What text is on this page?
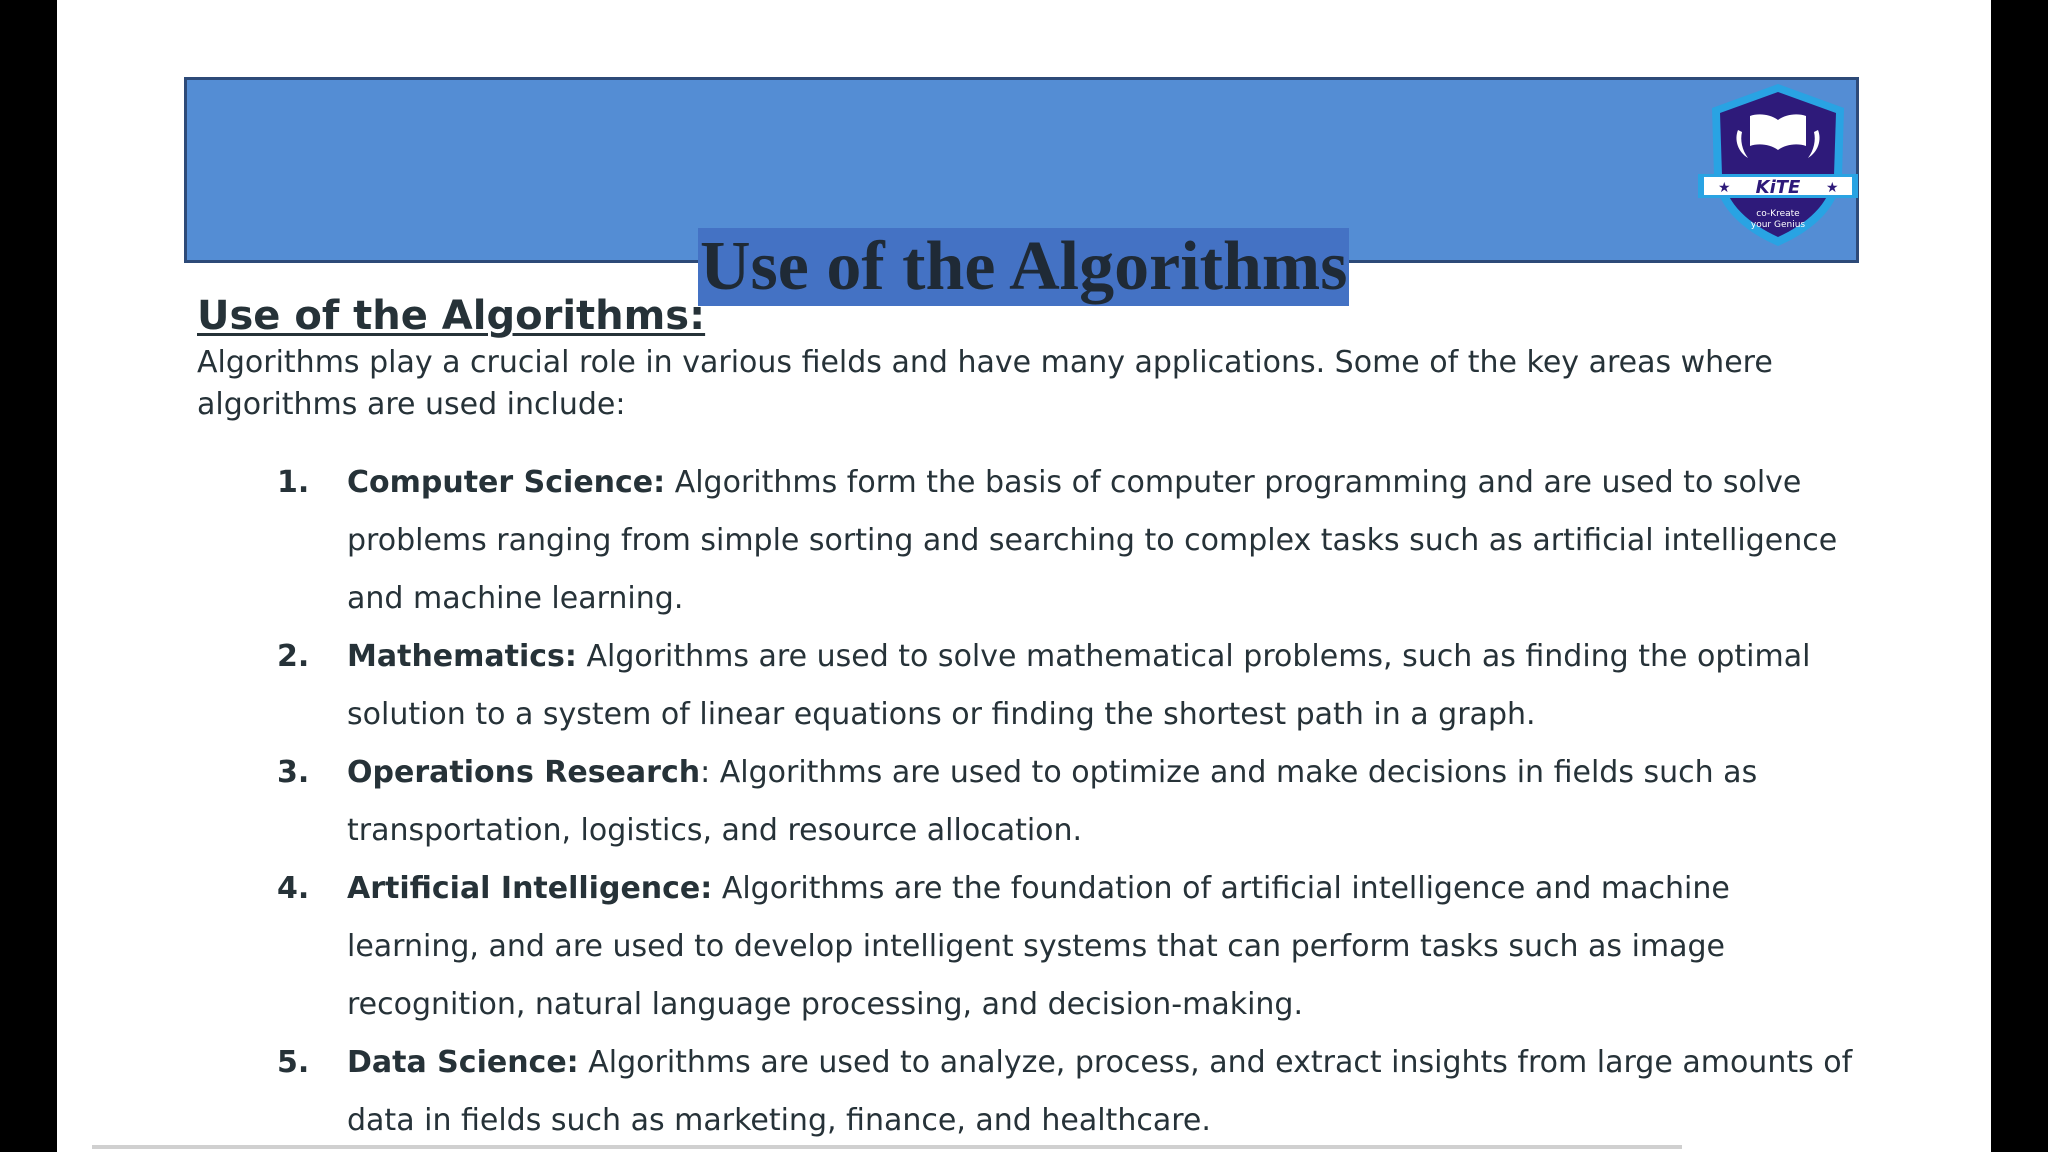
★	★
KiTE
co-Kreate
your Genius
Use of the Algorithms
Use of the Algorithms:

Algorithms play a crucial role in various fields and have many applications. Some of the key areas where algorithms are used include:

1. Computer Science: Algorithms form the basis of computer programming and are used to solve problems ranging from simple sorting and searching to complex tasks such as artificial intelligence and machine learning.
2. Mathematics: Algorithms are used to solve mathematical problems, such as finding the optimal solution to a system of linear equations or finding the shortest path in a graph.
3. Operations Research: Algorithms are used to optimize and make decisions in fields such as transportation, logistics, and resource allocation.
4. Artificial Intelligence: Algorithms are the foundation of artificial intelligence and machine learning, and are used to develop intelligent systems that can perform tasks such as image recognition, natural language processing, and decision-making.
5. Data Science: Algorithms are used to analyze, process, and extract insights from large amounts of data in fields such as marketing, finance, and healthcare.
